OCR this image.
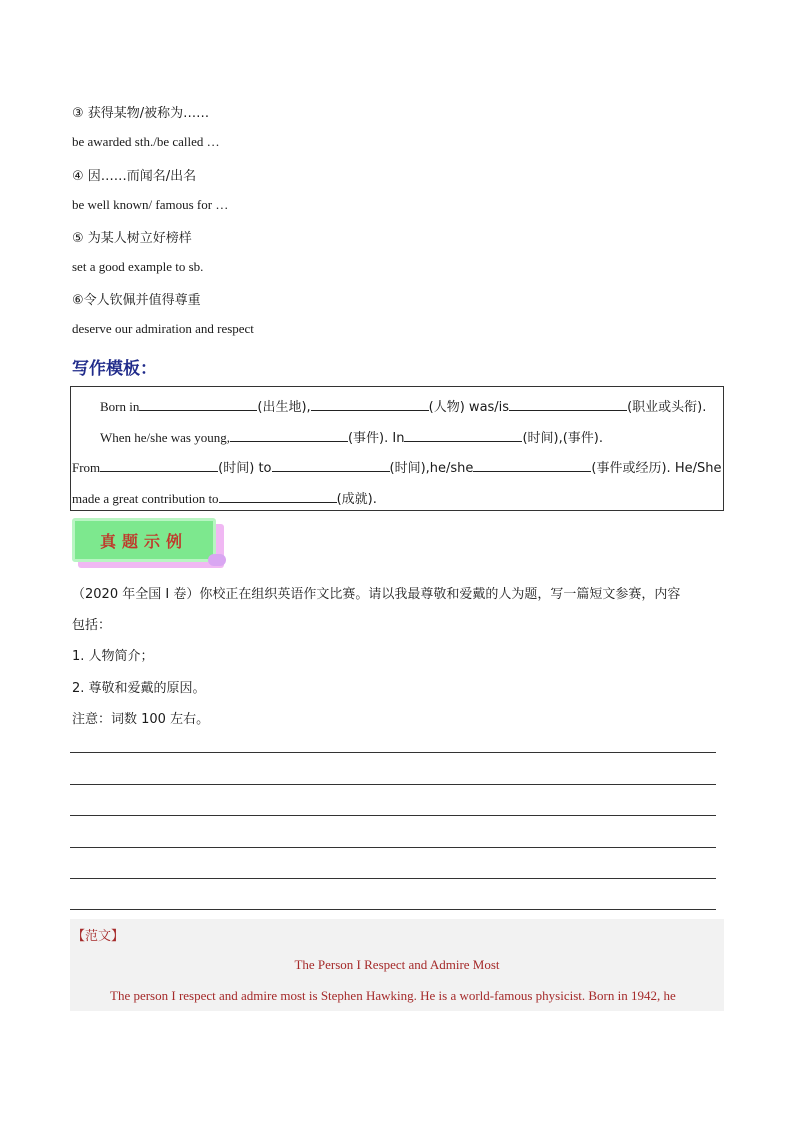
③ 获得某物/被称为……
be awarded sth./be called …
④ 因……而闻名/出名
be well known/ famous for …
⑤ 为某人树立好榜样
set a good example to sb.
⑥令人钦佩并值得尊重
deserve our admiration and respect
写作模板：
Born in	(出生地),	(人物) was/is	(职业或头衔).
When he/she was young,	(事件). In	(时间),(事件).
From	(时间) to	(时间),he/she	(事件或经历). He/She
made a great contribution to	(成就).
真题示例
（2020 年全国 I 卷）你校正在组织英语作文比赛。请以我最尊敬和爱戴的人为题，写一篇短文参赛，内容
包括：
1. 人物简介；
2. 尊敬和爱戴的原因。
注意：词数 100 左右。
【范文】
The Person I Respect and Admire Most
The person I respect and admire most is Stephen Hawking. He is a world-famous physicist. Born in 1942, he
